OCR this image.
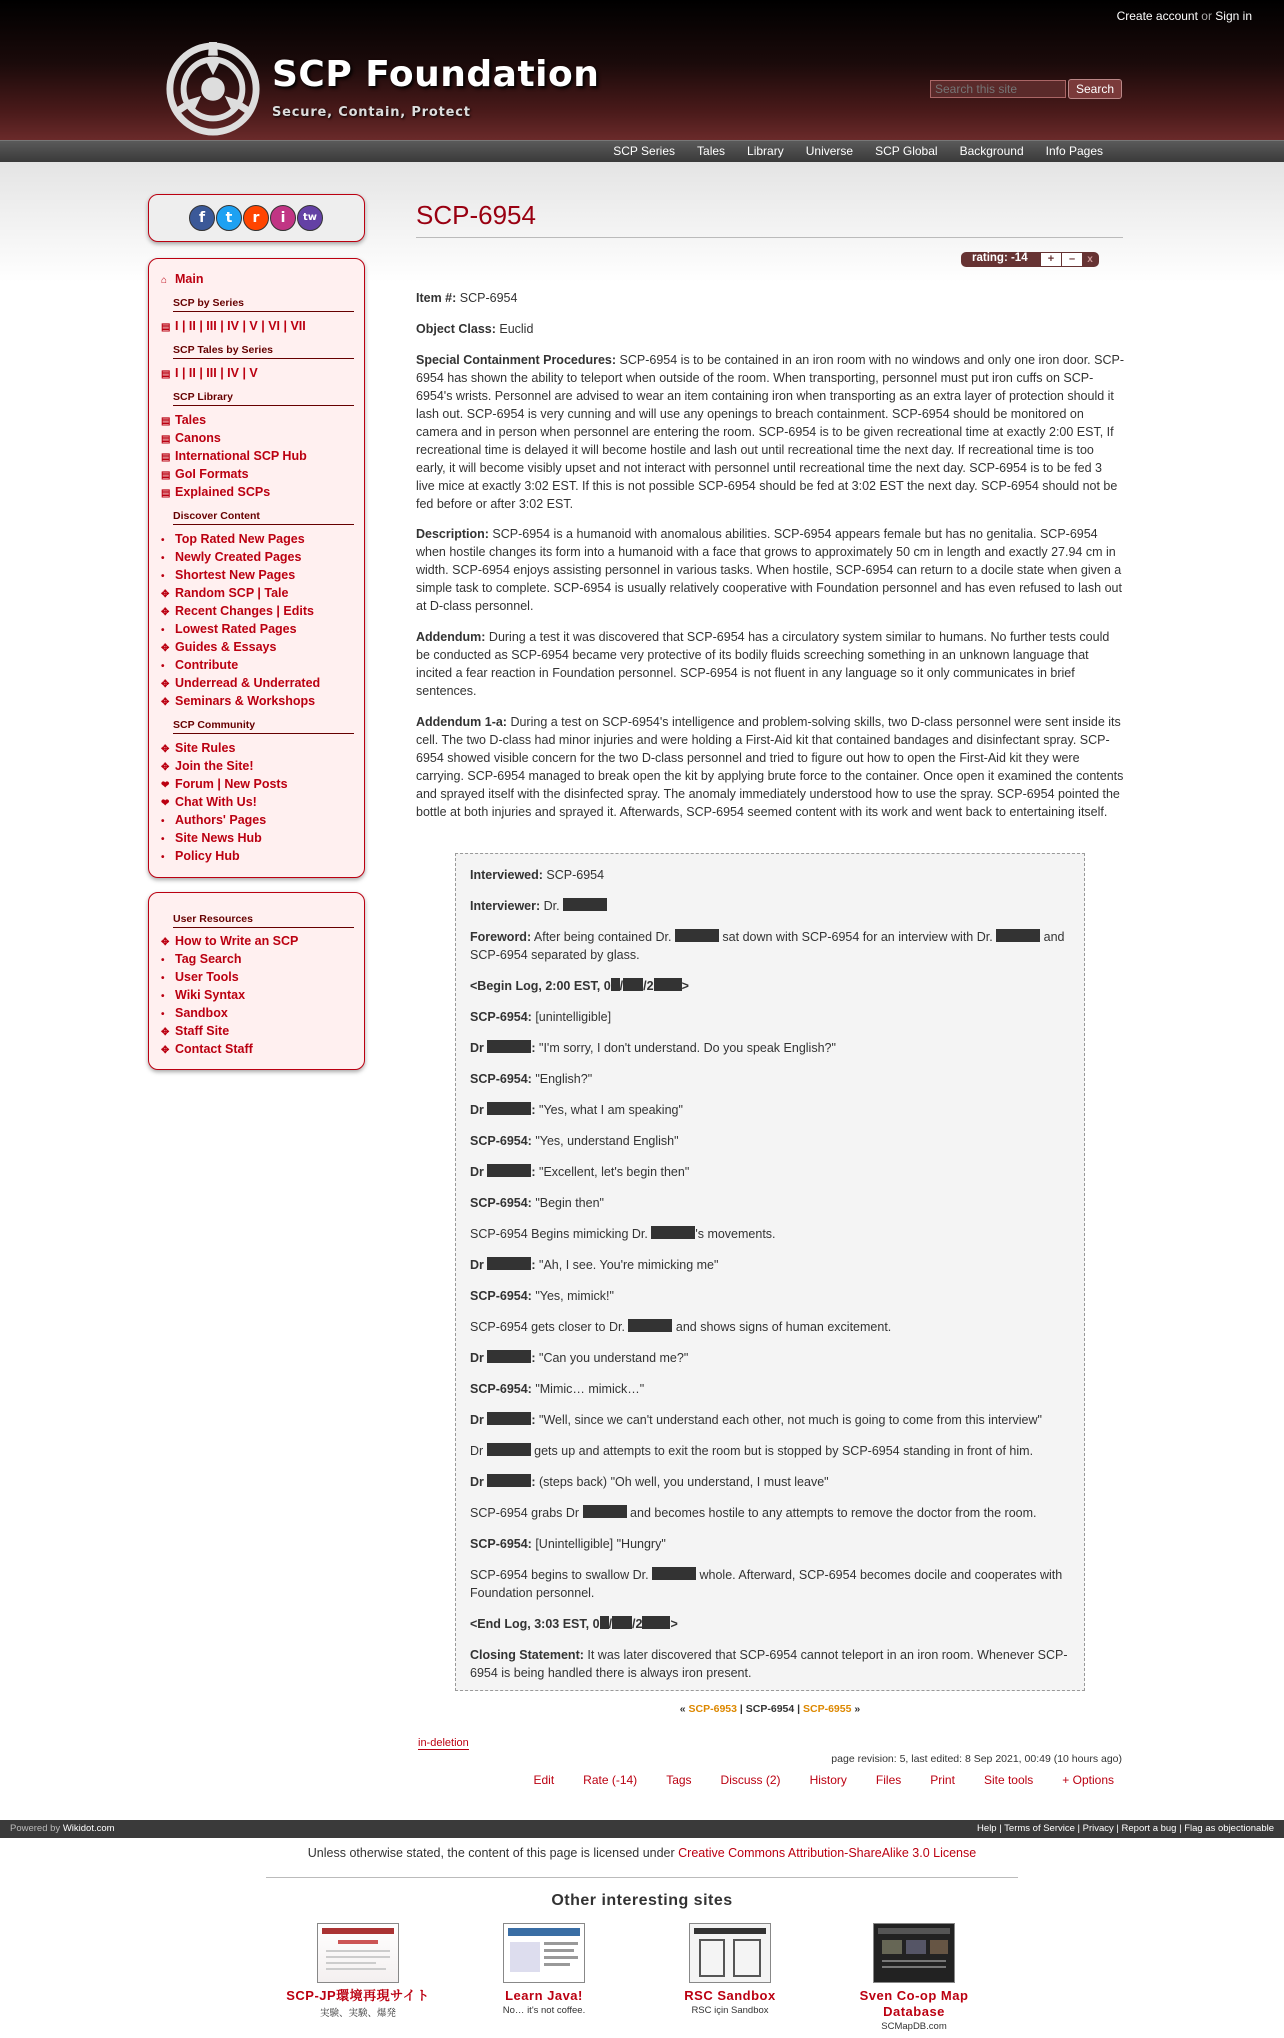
Create account or Sign in
SCP Foundation
Secure, Contain, Protect
Search this site
Search
SCP Series	Tales	Library	Universe	SCP Global	Background	Info Pages
f	t	r	i	tw
⌂ Main
SCP by Series
▤ I | II | III | IV | V | VI | VII
SCP Tales by Series
▤ I | II | III | IV | V
SCP Library
▤ Tales
▤ Canons
▤ International SCP Hub
▤ GoI Formats
▤ Explained SCPs
Discover Content
• Top Rated New Pages
• Newly Created Pages
• Shortest New Pages
✥ Random SCP | Tale
✥ Recent Changes | Edits
• Lowest Rated Pages
✥ Guides & Essays
• Contribute
✥ Underread & Underrated
✥ Seminars & Workshops
SCP Community
✥ Site Rules
✥ Join the Site!
❤ Forum | New Posts
❤ Chat With Us!
• Authors' Pages
• Site News Hub
• Policy Hub
User Resources
✥ How to Write an SCP
• Tag Search
• User Tools
• Wiki Syntax
• Sandbox
✥ Staff Site
✥ Contact Staff
SCP-6954
rating: -14	+	–	x
Item #: SCP-6954
Object Class: Euclid
Special Containment Procedures: SCP-6954 is to be contained in an iron room with no windows and only one iron door. SCP-6954 has shown the ability to teleport when outside of the room. When transporting, personnel must put iron cuffs on SCP-6954's wrists. Personnel are advised to wear an item containing iron when transporting as an extra layer of protection should it lash out. SCP-6954 is very cunning and will use any openings to breach containment. SCP-6954 should be monitored on camera and in person when personnel are entering the room. SCP-6954 is to be given recreational time at exactly 2:00 EST, If recreational time is delayed it will become hostile and lash out until recreational time the next day. If recreational time is too early, it will become visibly upset and not interact with personnel until recreational time the next day. SCP-6954 is to be fed 3 live mice at exactly 3:02 EST. If this is not possible SCP-6954 should be fed at 3:02 EST the next day. SCP-6954 should not be fed before or after 3:02 EST.
Description: SCP-6954 is a humanoid with anomalous abilities. SCP-6954 appears female but has no genitalia. SCP-6954 when hostile changes its form into a humanoid with a face that grows to approximately 50 cm in length and exactly 27.94 cm in width. SCP-6954 enjoys assisting personnel in various tasks. When hostile, SCP-6954 can return to a docile state when given a simple task to complete. SCP-6954 is usually relatively cooperative with Foundation personnel and has even refused to lash out at D-class personnel.
Addendum: During a test it was discovered that SCP-6954 has a circulatory system similar to humans. No further tests could be conducted as SCP-6954 became very protective of its bodily fluids screeching something in an unknown language that incited a fear reaction in Foundation personnel. SCP-6954 is not fluent in any language so it only communicates in brief sentences.
Addendum 1-a: During a test on SCP-6954's intelligence and problem-solving skills, two D-class personnel were sent inside its cell. The two D-class had minor injuries and were holding a First-Aid kit that contained bandages and disinfectant spray. SCP-6954 showed visible concern for the two D-class personnel and tried to figure out how to open the First-Aid kit they were carrying. SCP-6954 managed to break open the kit by applying brute force to the container. Once open it examined the contents and sprayed itself with the disinfected spray. The anomaly immediately understood how to use the spray. SCP-6954 pointed the bottle at both injuries and sprayed it. Afterwards, SCP-6954 seemed content with its work and went back to entertaining itself.
Interviewed: SCP-6954
Interviewer: Dr.
Foreword: After being contained Dr.	sat down with SCP-6954 for an interview with Dr.	and SCP-6954 separated by glass.
<Begin Log, 2:00 EST, 0 / /2 >
SCP-6954: [unintelligible]
Dr	: "I'm sorry, I don't understand. Do you speak English?"
SCP-6954: "English?"
Dr	: "Yes, what I am speaking"
SCP-6954: "Yes, understand English"
Dr	: "Excellent, let's begin then"
SCP-6954: "Begin then"
SCP-6954 Begins mimicking Dr.	's movements.
Dr	: "Ah, I see. You're mimicking me"
SCP-6954: "Yes, mimick!"
SCP-6954 gets closer to Dr.	and shows signs of human excitement.
Dr	: "Can you understand me?"
SCP-6954: "Mimic… mimick…"
Dr	: "Well, since we can't understand each other, not much is going to come from this interview"
Dr	gets up and attempts to exit the room but is stopped by SCP-6954 standing in front of him.
Dr	: (steps back) "Oh well, you understand, I must leave"
SCP-6954 grabs Dr	and becomes hostile to any attempts to remove the doctor from the room.
SCP-6954: [Unintelligible] "Hungry"
SCP-6954 begins to swallow Dr.	whole. Afterward, SCP-6954 becomes docile and cooperates with Foundation personnel.
<End Log, 3:03 EST, 0 / /2 >
Closing Statement: It was later discovered that SCP-6954 cannot teleport in an iron room. Whenever SCP-6954 is being handled there is always iron present.
« SCP-6953 | SCP-6954 | SCP-6955 »
in-deletion
page revision: 5, last edited: 8 Sep 2021, 00:49 (10 hours ago)
Edit Rate (-14) Tags Discuss (2) History Files Print Site tools + Options
Powered by Wikidot.com	Help | Terms of Service | Privacy | Report a bug | Flag as objectionable
Unless otherwise stated, the content of this page is licensed under Creative Commons Attribution-ShareAlike 3.0 License
Other interesting sites
SCP-JP環境再現サイト
実験、実験、爆発
Learn Java!
No… it's not coffee.
RSC Sandbox
RSC için Sandbox
Sven Co-op Map Database
SCMapDB.com
